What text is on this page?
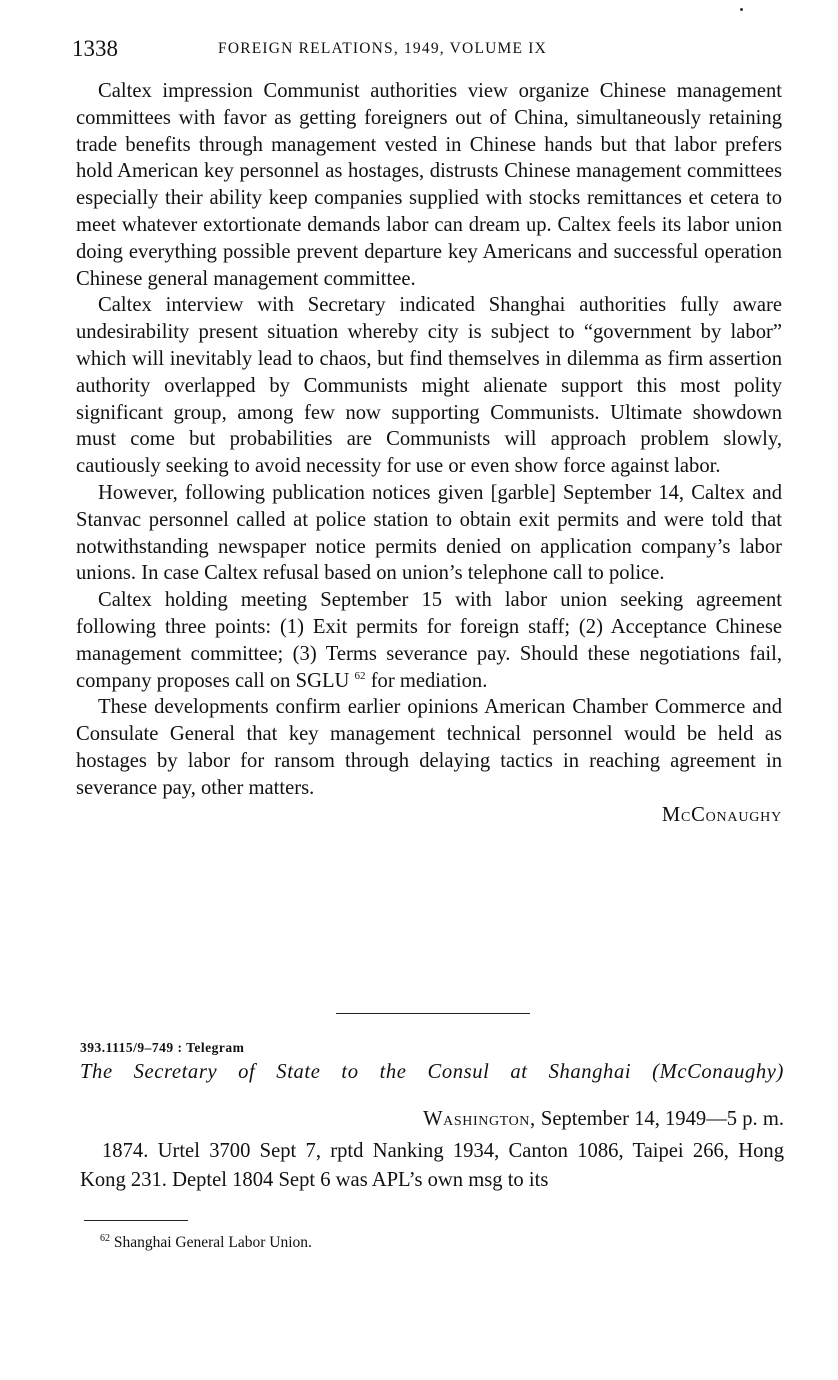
1338	FOREIGN RELATIONS, 1949, VOLUME IX

Caltex impression Communist authorities view organize Chinese management committees with favor as getting foreigners out of China, simultaneously retaining trade benefits through management vested in Chinese hands but that labor prefers hold American key personnel as hostages, distrusts Chinese management committees especially their ability keep companies supplied with stocks remittances et cetera to meet whatever extortionate demands labor can dream up. Caltex feels its labor union doing everything possible prevent departure key Americans and successful operation Chinese general management committee.

Caltex interview with Secretary indicated Shanghai authorities fully aware undesirability present situation whereby city is subject to “government by labor” which will inevitably lead to chaos, but find themselves in dilemma as firm assertion authority overlapped by Communists might alienate support this most polity significant group, among few now supporting Communists. Ultimate showdown must come but probabilities are Communists will approach problem slowly, cautiously seeking to avoid necessity for use or even show force against labor.

However, following publication notices given [garble] September 14, Caltex and Stanvac personnel called at police station to obtain exit permits and were told that notwithstanding newspaper notice permits denied on application company’s labor unions. In case Caltex refusal based on union’s telephone call to police.

Caltex holding meeting September 15 with labor union seeking agreement following three points: (1) Exit permits for foreign staff; (2) Acceptance Chinese management committee; (3) Terms severance pay. Should these negotiations fail, company proposes call on SGLU $^{62}$ for mediation.

These developments confirm earlier opinions American Chamber Commerce and Consulate General that key management technical personnel would be held as hostages by labor for ransom through delaying tactics in reaching agreement in severance pay, other matters.

McConaughy
393.1115/9–749 : Telegram
The Secretary of State to the Consul at Shanghai (McConaughy)
Washington, September 14, 1949—5 p. m.

1874. Urtel 3700 Sept 7, rptd Nanking 1934, Canton 1086, Taipei 266, Hong Kong 231. Deptel 1804 Sept 6 was APL’s own msg to its

$^{62}$ Shanghai General Labor Union.
